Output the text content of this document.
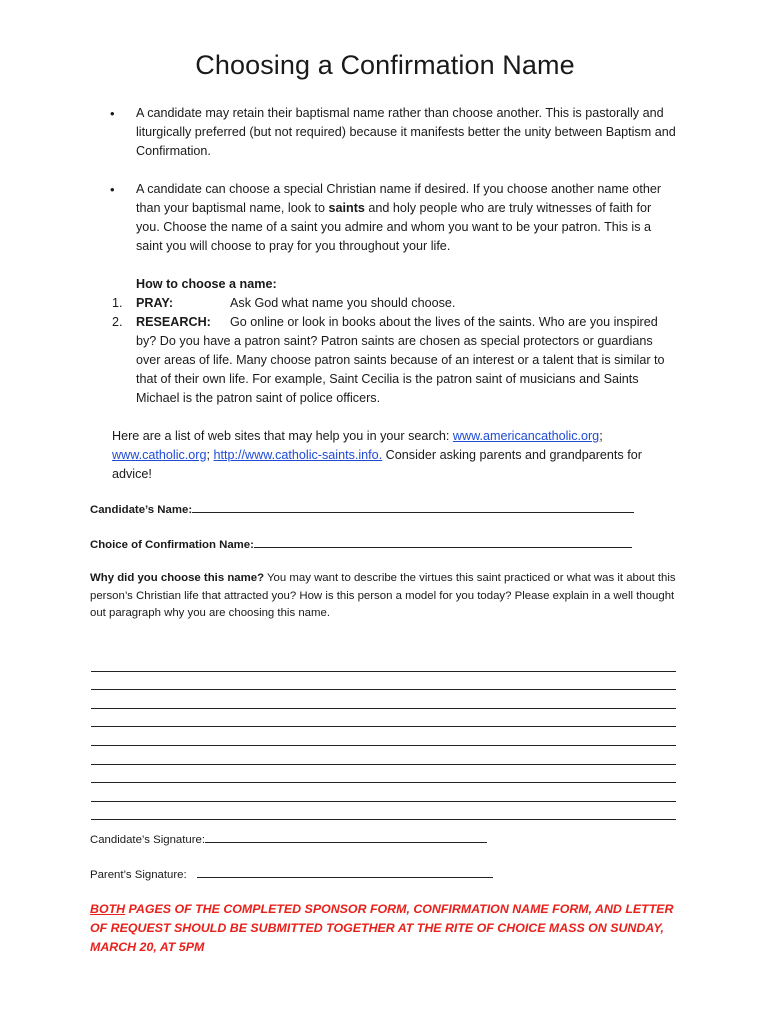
Choosing a Confirmation Name
• A candidate may retain their baptismal name rather than choose another. This is pastorally and liturgically preferred (but not required) because it manifests better the unity between Baptism and Confirmation.
• A candidate can choose a special Christian name if desired. If you choose another name other than your baptismal name, look to saints and holy people who are truly witnesses of faith for you. Choose the name of a saint you admire and whom you want to be your patron. This is a saint you will choose to pray for you throughout your life.
How to choose a name:
1. PRAY:	Ask God what name you should choose.
2. RESEARCH: Go online or look in books about the lives of the saints. Who are you inspired by? Do you have a patron saint? Patron saints are chosen as special protectors or guardians over areas of life. Many choose patron saints because of an interest or a talent that is similar to that of their own life. For example, Saint Cecilia is the patron saint of musicians and Saints Michael is the patron saint of police officers.
Here are a list of web sites that may help you in your search: www.americancatholic.org; www.catholic.org; http://www.catholic-saints.info. Consider asking parents and grandparents for advice!
Candidate’s Name:
Choice of Confirmation Name:
Why did you choose this name? You may want to describe the virtues this saint practiced or what was it about this person’s Christian life that attracted you? How is this person a model for you today? Please explain in a well thought out paragraph why you are choosing this name.
Candidate’s Signature:
Parent’s Signature:
BOTH PAGES OF THE COMPLETED SPONSOR FORM, CONFIRMATION NAME FORM, AND LETTER OF REQUEST SHOULD BE SUBMITTED TOGETHER AT THE RITE OF CHOICE MASS ON SUNDAY, MARCH 20, AT 5PM
